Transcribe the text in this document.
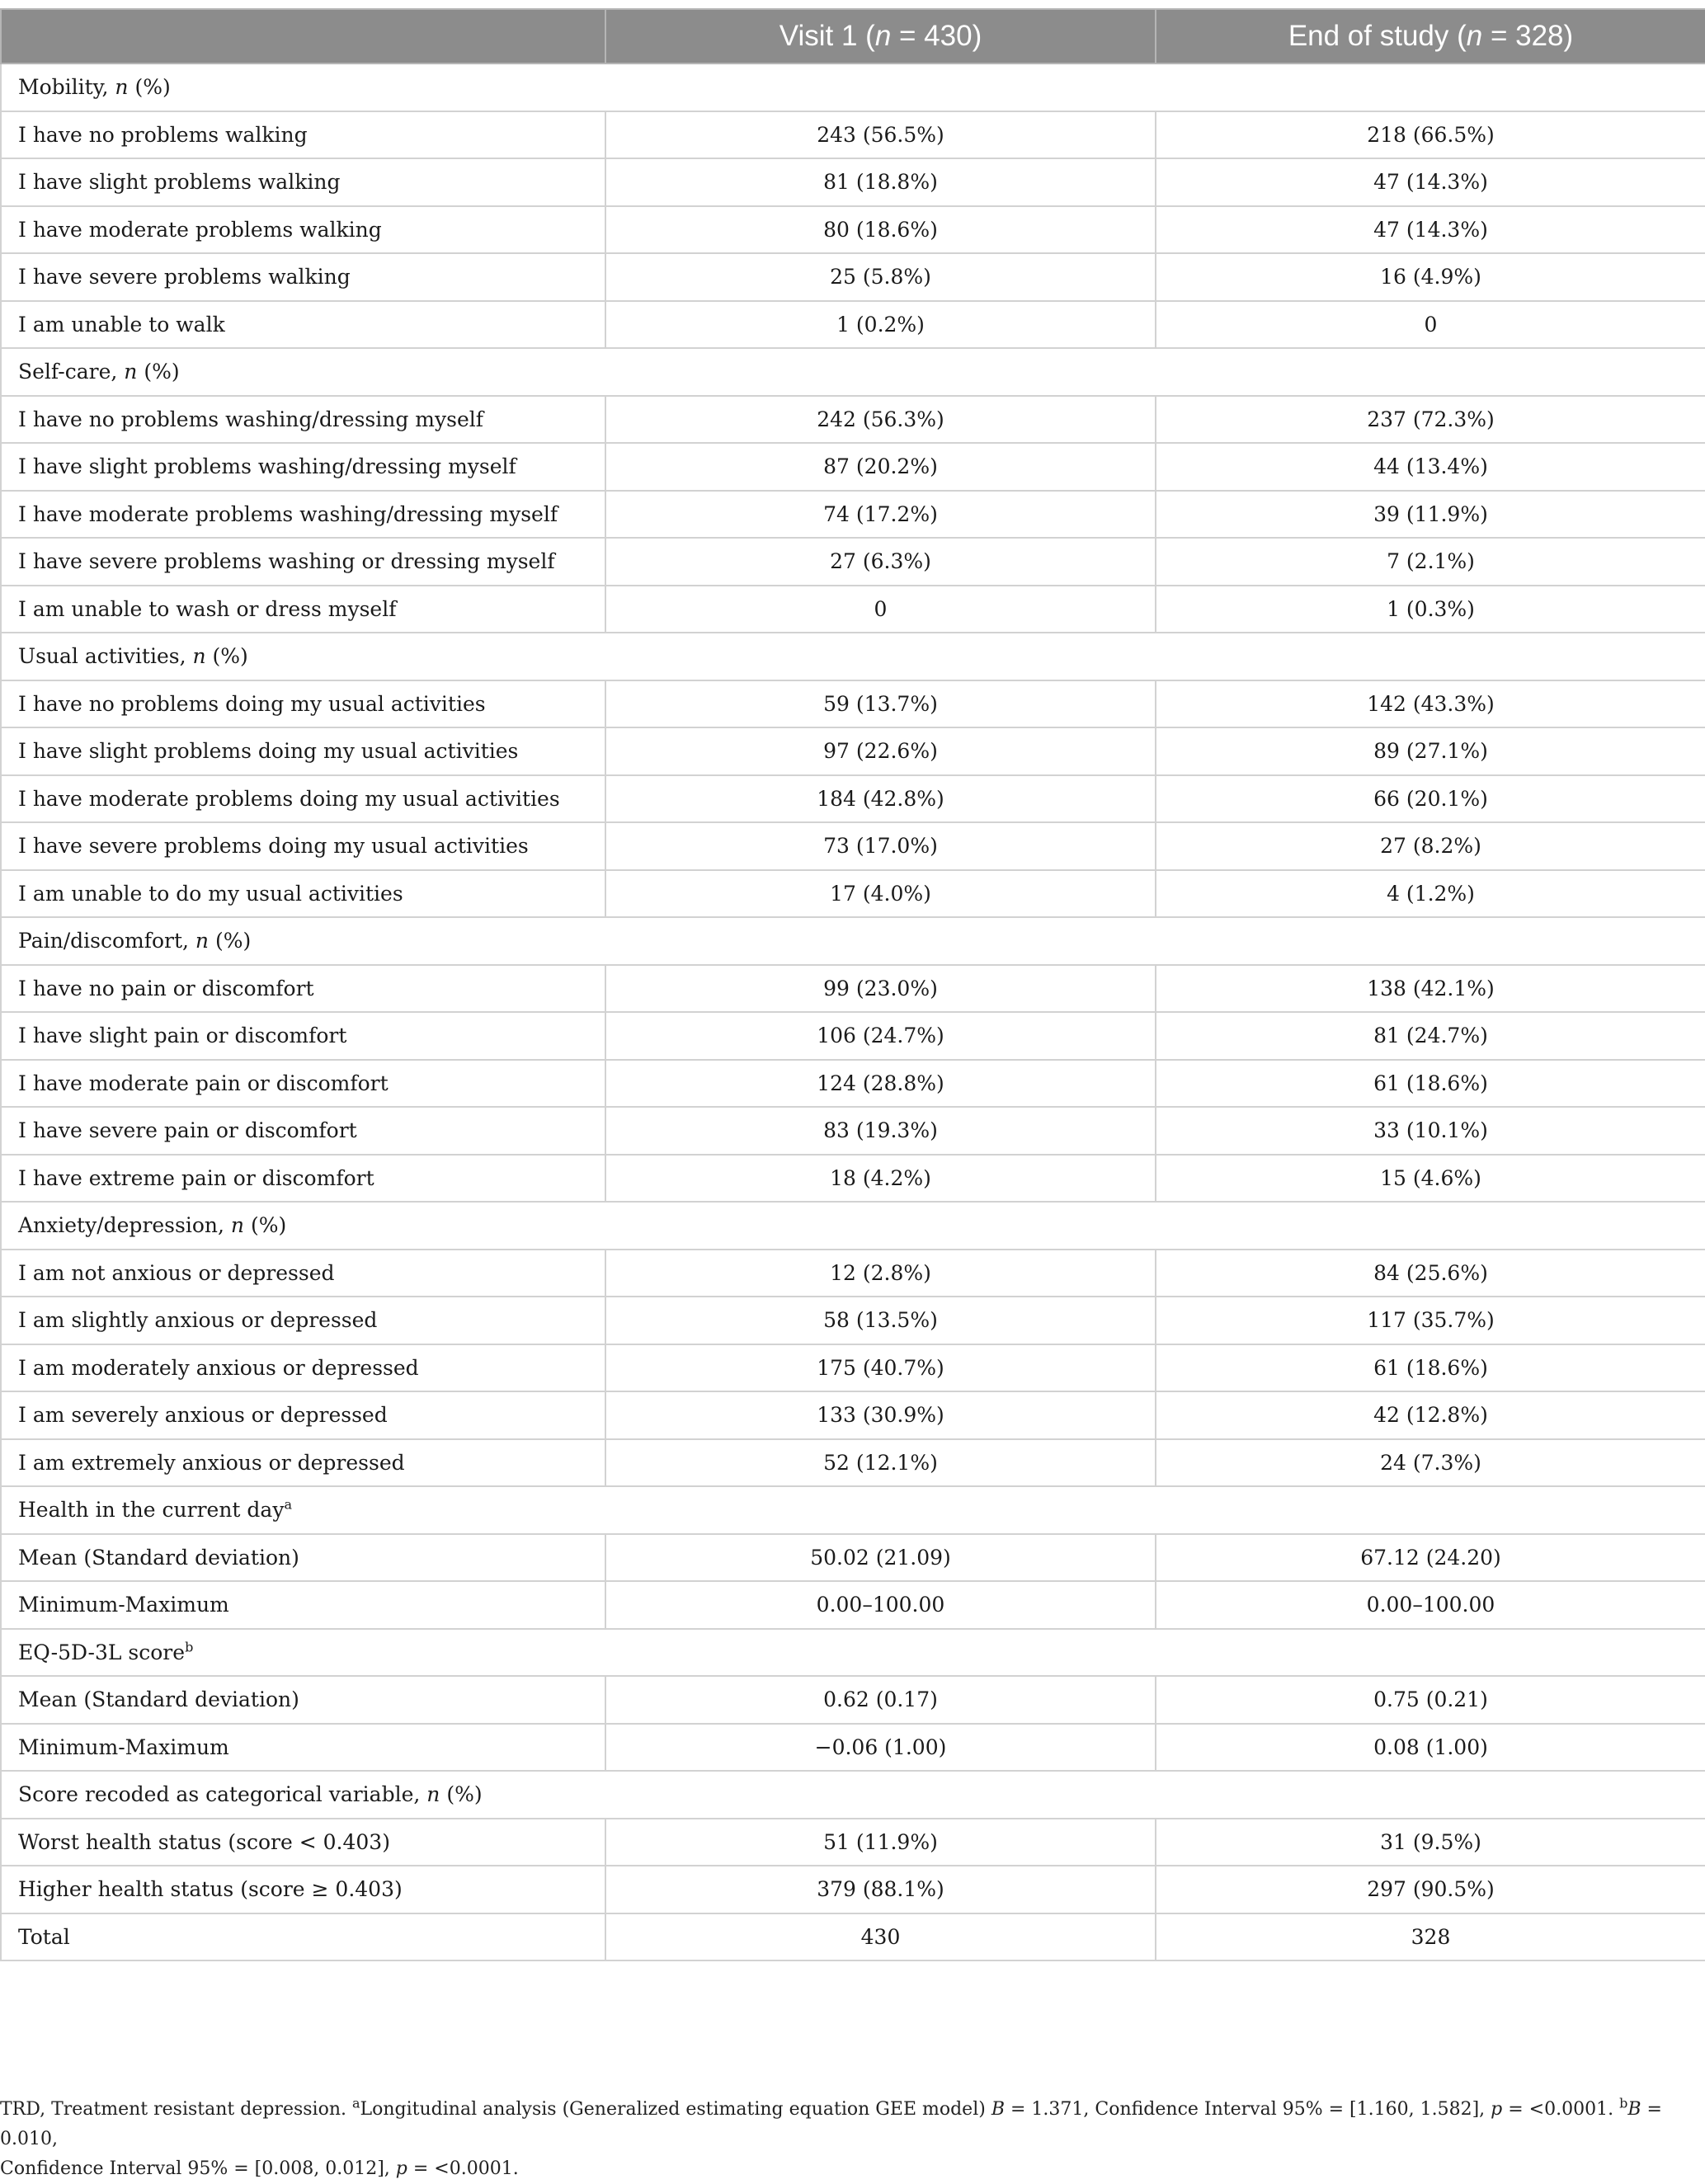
	Visit 1 (n = 430)	End of study (n = 328)
Mobility, n (%)		
I have no problems walking	243 (56.5%)	218 (66.5%)
I have slight problems walking	81 (18.8%)	47 (14.3%)
I have moderate problems walking	80 (18.6%)	47 (14.3%)
I have severe problems walking	25 (5.8%)	16 (4.9%)
I am unable to walk	1 (0.2%)	0
Self-care, n (%)		
I have no problems washing/dressing myself	242 (56.3%)	237 (72.3%)
I have slight problems washing/dressing myself	87 (20.2%)	44 (13.4%)
I have moderate problems washing/dressing myself	74 (17.2%)	39 (11.9%)
I have severe problems washing or dressing myself	27 (6.3%)	7 (2.1%)
I am unable to wash or dress myself	0	1 (0.3%)
Usual activities, n (%)		
I have no problems doing my usual activities	59 (13.7%)	142 (43.3%)
I have slight problems doing my usual activities	97 (22.6%)	89 (27.1%)
I have moderate problems doing my usual activities	184 (42.8%)	66 (20.1%)
I have severe problems doing my usual activities	73 (17.0%)	27 (8.2%)
I am unable to do my usual activities	17 (4.0%)	4 (1.2%)
Pain/discomfort, n (%)		
I have no pain or discomfort	99 (23.0%)	138 (42.1%)
I have slight pain or discomfort	106 (24.7%)	81 (24.7%)
I have moderate pain or discomfort	124 (28.8%)	61 (18.6%)
I have severe pain or discomfort	83 (19.3%)	33 (10.1%)
I have extreme pain or discomfort	18 (4.2%)	15 (4.6%)
Anxiety/depression, n (%)		
I am not anxious or depressed	12 (2.8%)	84 (25.6%)
I am slightly anxious or depressed	58 (13.5%)	117 (35.7%)
I am moderately anxious or depressed	175 (40.7%)	61 (18.6%)
I am severely anxious or depressed	133 (30.9%)	42 (12.8%)
I am extremely anxious or depressed	52 (12.1%)	24 (7.3%)
Health in the current day$^a$
Mean (Standard deviation)	50.02 (21.09)	67.12 (24.20)
Minimum-Maximum	0.00–100.00	0.00–100.00
EQ-5D-3L score$^b$
Mean (Standard deviation)	0.62 (0.17)	0.75 (0.21)
Minimum-Maximum	−0.06 (1.00)	0.08 (1.00)
Score recoded as categorical variable, n (%)		
Worst health status (score < 0.403)	51 (11.9%)	31 (9.5%)
Higher health status (score ≥ 0.403)	379 (88.1%)	297 (90.5%)
Total	430	328
TRD, Treatment resistant depression. $^a$Longitudinal analysis (Generalized estimating equation GEE model) B = 1.371, Confidence Interval 95% = [1.160, 1.582], p = <0.0001. $^b$B = 0.010,
Confidence Interval 95% = [0.008, 0.012], p = <0.0001.
